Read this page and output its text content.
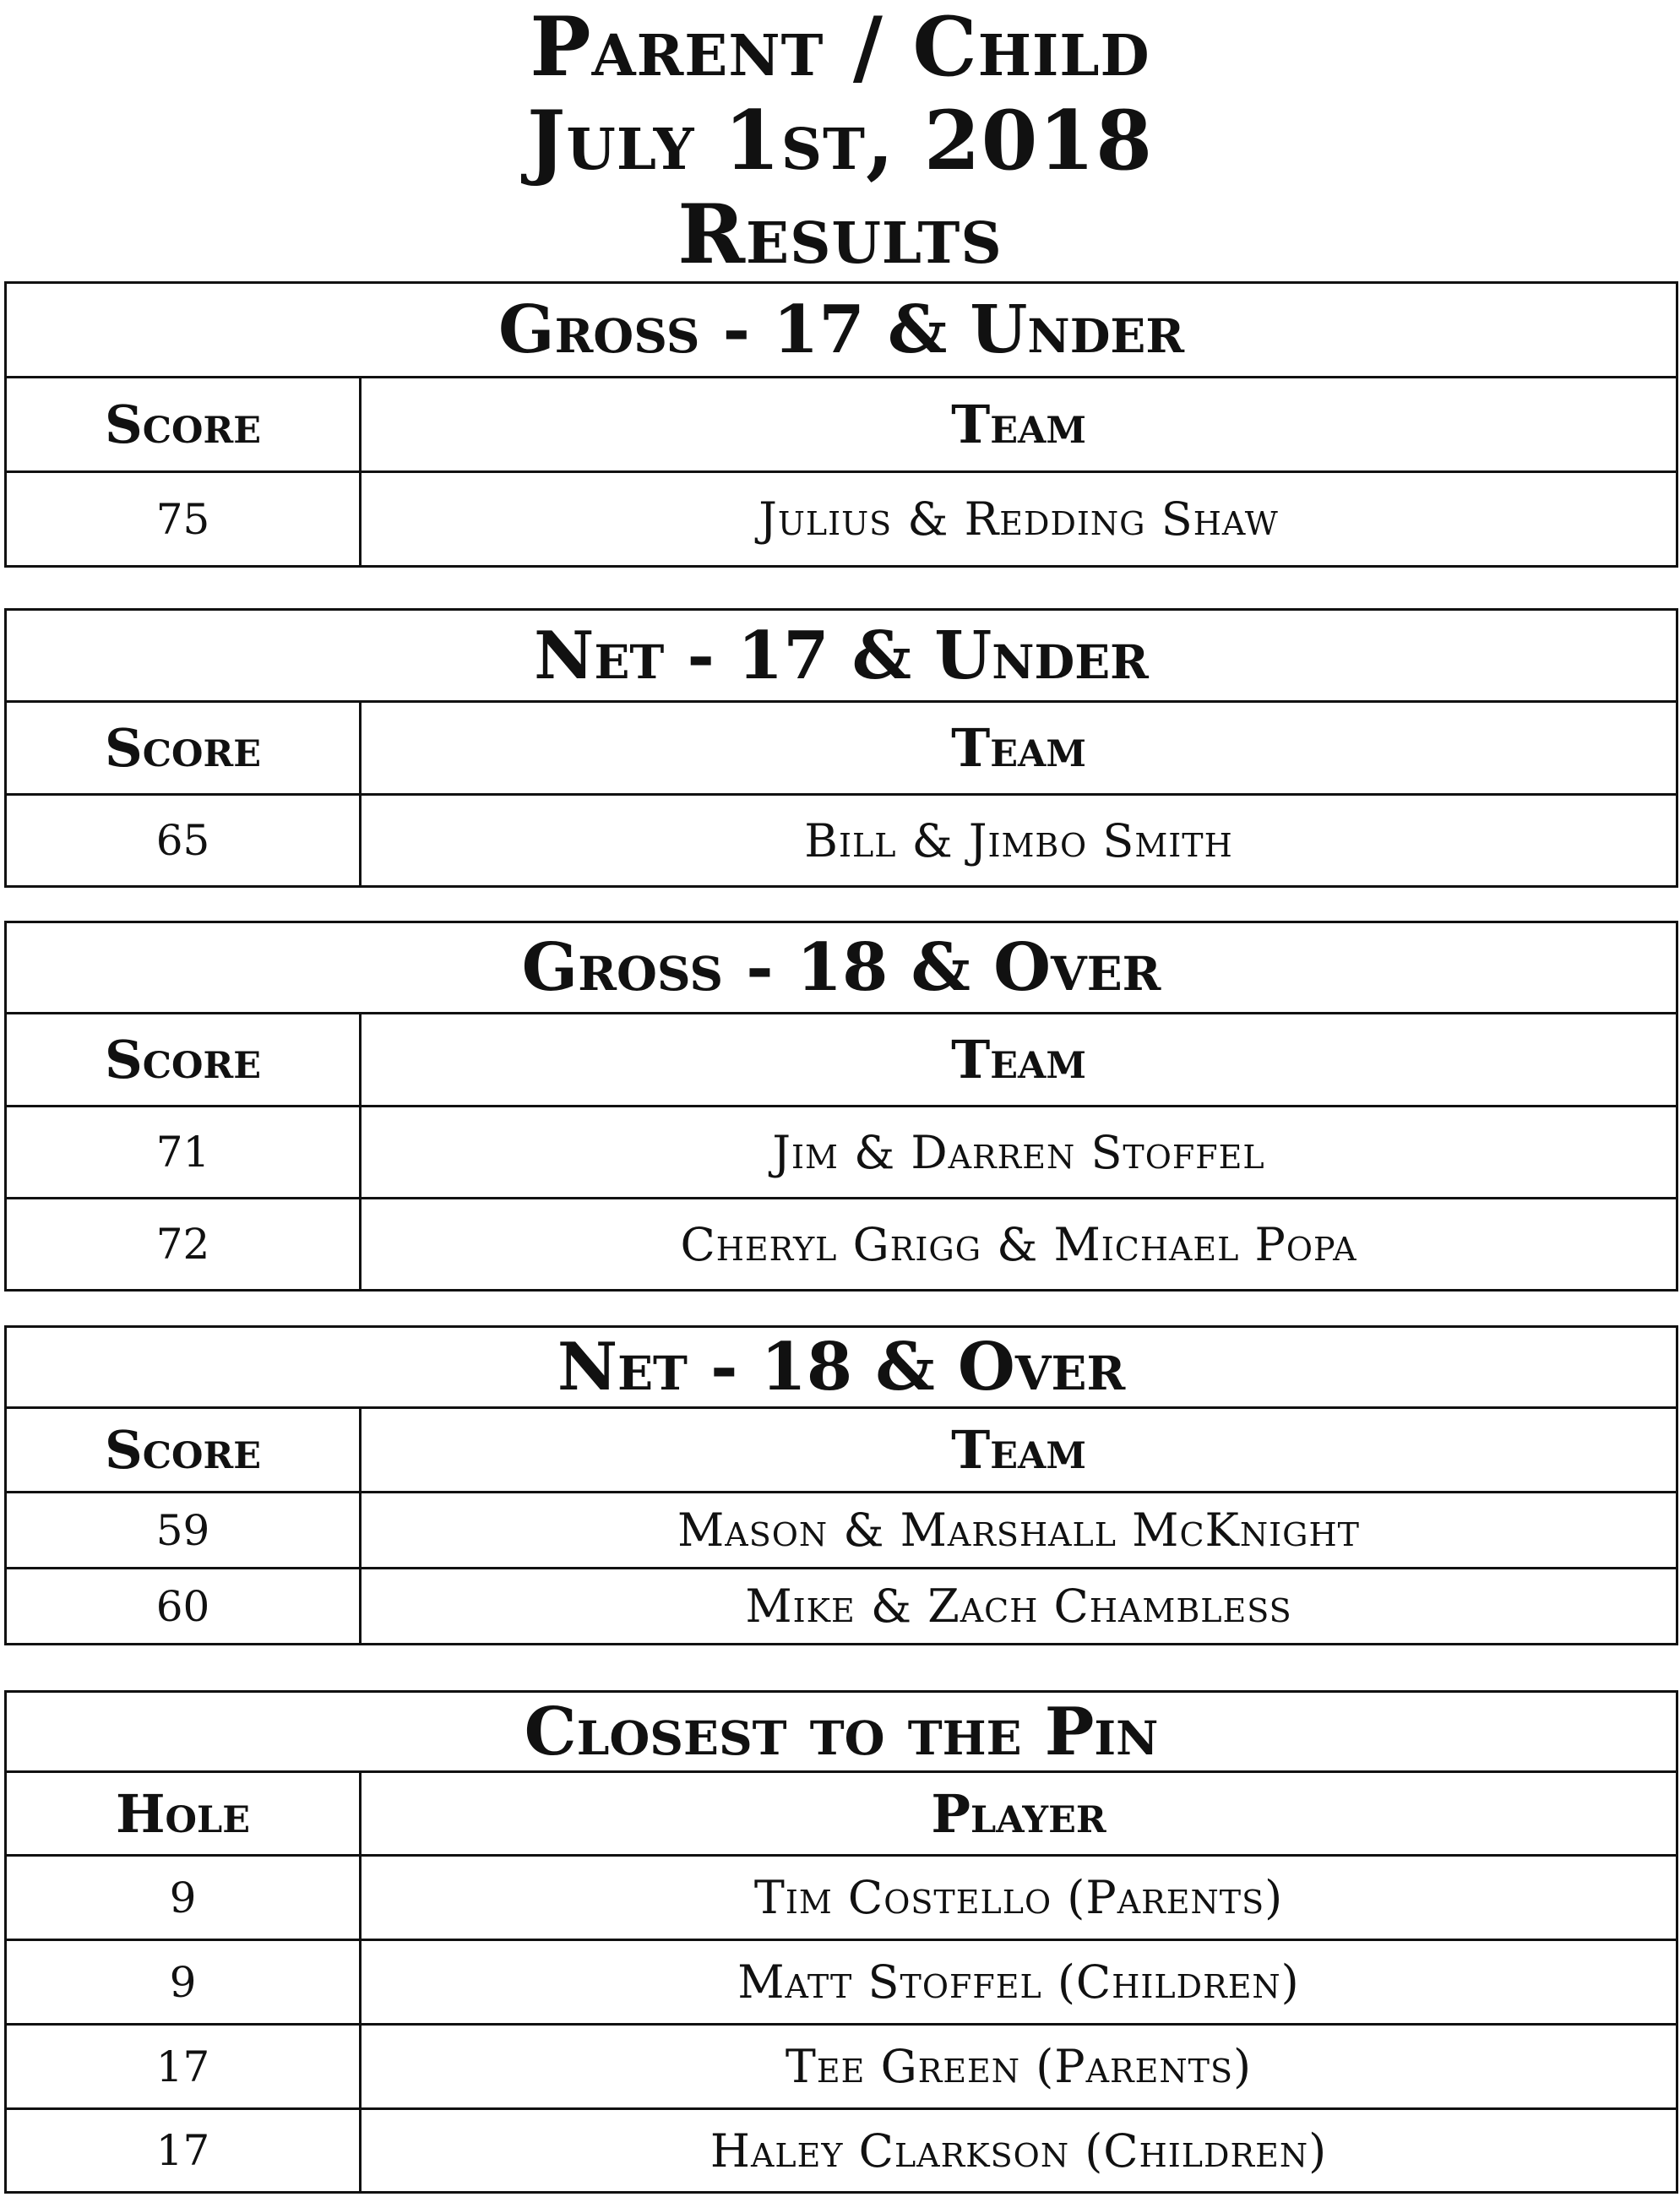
Parent / Child
July 1st, 2018
Results
Gross - 17 & Under	
Score	Team
75	Julius & Redding Shaw
Net - 17 & Under	
Score	Team
65	Bill & Jimbo Smith
Gross - 18 & Over	
Score	Team
71	Jim & Darren Stoffel
72	Cheryl Grigg & Michael Popa
Net - 18 & Over	
Score	Team
59	Mason & Marshall McKnight
60	Mike & Zach Chambless
Closest to the Pin	
Hole	Player
9	Tim Costello (Parents)
9	Matt Stoffel (Children)
17	Tee Green (Parents)
17	Haley Clarkson (Children)
